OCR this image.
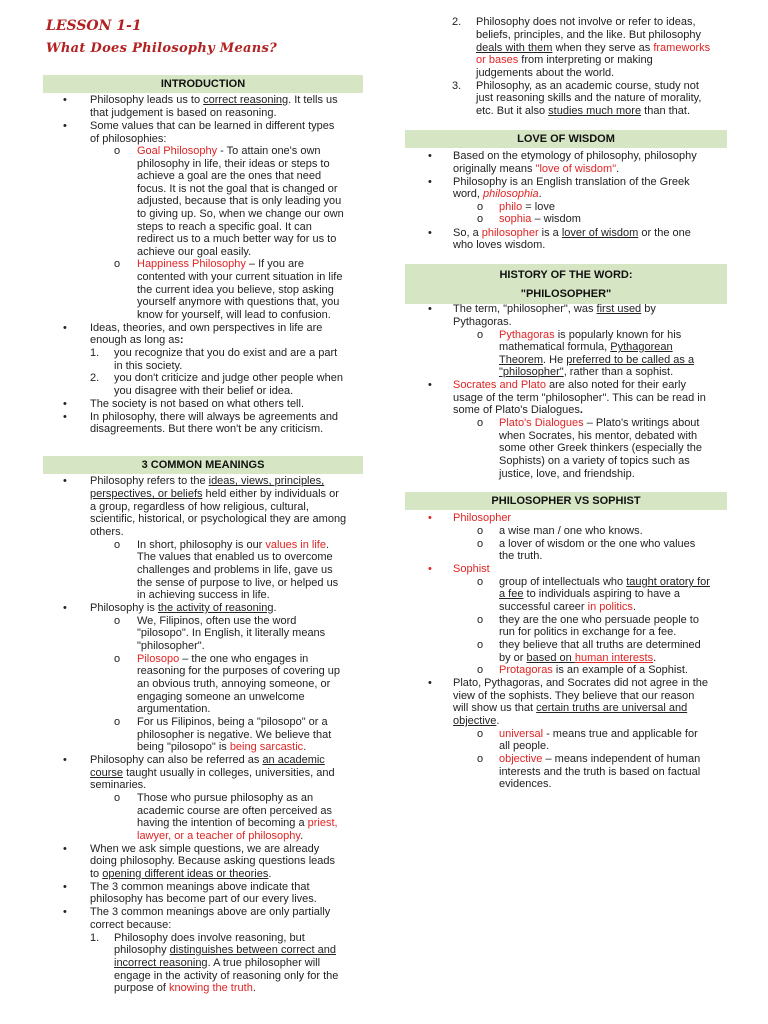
LESSON 1-1
What Does Philosophy Means?
INTRODUCTION
• Philosophy leads us to correct reasoning. It tells us
that judgement is based on reasoning.
• Some values that can be learned in different types
of philosophies:
o Goal Philosophy - To attain one's own
philosophy in life, their ideas or steps to
achieve a goal are the ones that need
focus. It is not the goal that is changed or
adjusted, because that is only leading you
to giving up. So, when we change our own
steps to reach a specific goal. It can
redirect us to a much better way for us to
achieve our goal easily.
o Happiness Philosophy – If you are
contented with your current situation in life
the current idea you believe, stop asking
yourself anymore with questions that, you
know for yourself, will lead to confusion.
• Ideas, theories, and own perspectives in life are
enough as long as:
1. you recognize that you do exist and are a part
in this society.
2. you don't criticize and judge other people when
you disagree with their belief or idea.
• The society is not based on what others tell.
• In philosophy, there will always be agreements and
disagreements. But there won't be any criticism.
3 COMMON MEANINGS
• Philosophy refers to the ideas, views, principles,
perspectives, or beliefs held either by individuals or
a group, regardless of how religious, cultural,
scientific, historical, or psychological they are among
others.
o In short, philosophy is our values in life.
The values that enabled us to overcome
challenges and problems in life, gave us
the sense of purpose to live, or helped us
in achieving success in life.
• Philosophy is the activity of reasoning.
o We, Filipinos, often use the word
"pilosopo". In English, it literally means
"philosopher".
o Pilosopo – the one who engages in
reasoning for the purposes of covering up
an obvious truth, annoying someone, or
engaging someone an unwelcome
argumentation.
o For us Filipinos, being a "pilosopo" or a
philosopher is negative. We believe that
being "pilosopo" is being sarcastic.
• Philosophy can also be referred as an academic
course taught usually in colleges, universities, and
seminaries.
o Those who pursue philosophy as an
academic course are often perceived as
having the intention of becoming a priest,
lawyer, or a teacher of philosophy.
• When we ask simple questions, we are already
doing philosophy. Because asking questions leads
to opening different ideas or theories.
• The 3 common meanings above indicate that
philosophy has become part of our every lives.
• The 3 common meanings above are only partially
correct because:
1. Philosophy does involve reasoning, but
philosophy distinguishes between correct and
incorrect reasoning. A true philosopher will
engage in the activity of reasoning only for the
purpose of knowing the truth.
2. Philosophy does not involve or refer to ideas,
beliefs, principles, and the like. But philosophy
deals with them when they serve as frameworks
or bases from interpreting or making
judgements about the world.
3. Philosophy, as an academic course, study not
just reasoning skills and the nature of morality,
etc. But it also studies much more than that.
LOVE OF WISDOM
• Based on the etymology of philosophy, philosophy
originally means "love of wisdom".
• Philosophy is an English translation of the Greek
word, philosophia.
o philo = love
o sophia – wisdom
• So, a philosopher is a lover of wisdom or the one
who loves wisdom.
HISTORY OF THE WORD:
"PHILOSOPHER"
• The term, "philosopher", was first used by
Pythagoras.
o Pythagoras is popularly known for his
mathematical formula, Pythagorean
Theorem. He preferred to be called as a
"philosopher", rather than a sophist.
• Socrates and Plato are also noted for their early
usage of the term "philosopher". This can be read in
some of Plato's Dialogues.
o Plato's Dialogues – Plato's writings about
when Socrates, his mentor, debated with
some other Greek thinkers (especially the
Sophists) on a variety of topics such as
justice, love, and friendship.
PHILOSOPHER VS SOPHIST
• Philosopher
o a wise man / one who knows.
o a lover of wisdom or the one who values
the truth.
• Sophist
o group of intellectuals who taught oratory for
a fee to individuals aspiring to have a
successful career in politics.
o they are the one who persuade people to
run for politics in exchange for a fee.
o they believe that all truths are determined
by or based on human interests.
o Protagoras is an example of a Sophist.
• Plato, Pythagoras, and Socrates did not agree in the
view of the sophists. They believe that our reason
will show us that certain truths are universal and
objective.
o universal - means true and applicable for
all people.
o objective – means independent of human
interests and the truth is based on factual
evidences.
